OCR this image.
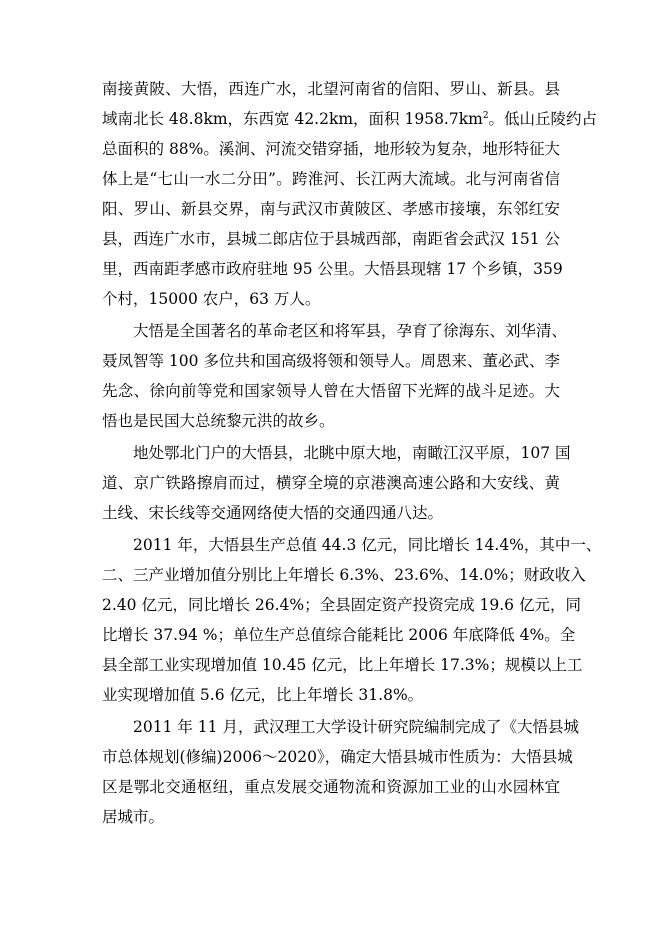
南接黄陂、大悟，西连广水，北望河南省的信阳、罗山、新县。县
域南北长 48.8km，东西宽 42.2km，面积 $1958.7km^2$。低山丘陵约占
总面积的 88%。溪涧、河流交错穿插，地形较为复杂，地形特征大
体上是“七山一水二分田”。跨淮河、长江两大流域。北与河南省信
阳、罗山、新县交界，南与武汉市黄陂区、孝感市接壤，东邻红安
县，西连广水市，县城二郎店位于县城西部，南距省会武汉 151 公
里，西南距孝感市政府驻地 95 公里。大悟县现辖 17 个乡镇，359
个村，15000 农户，63 万人。
大悟是全国著名的革命老区和将军县，孕育了徐海东、刘华清、
聂凤智等 100 多位共和国高级将领和领导人。周恩来、董必武、李
先念、徐向前等党和国家领导人曾在大悟留下光辉的战斗足迹。大
悟也是民国大总统黎元洪的故乡。
地处鄂北门户的大悟县，北眺中原大地，南瞰江汉平原，107 国
道、京广铁路擦肩而过，横穿全境的京港澳高速公路和大安线、黄
土线、宋长线等交通网络使大悟的交通四通八达。
2011 年，大悟县生产总值 44.3 亿元，同比增长 14.4%，其中一、
二、三产业增加值分别比上年增长 6.3%、23.6%、14.0%；财政收入
2.40 亿元，同比增长 26.4%；全县固定资产投资完成 19.6 亿元，同
比增长 37.94 %；单位生产总值综合能耗比 2006 年底降低 4%。全
县全部工业实现增加值 10.45 亿元，比上年增长 17.3%；规模以上工
业实现增加值 5.6 亿元，比上年增长 31.8%。
2011 年 11 月，武汉理工大学设计研究院编制完成了《大悟县城
市总体规划(修编)2006～2020》，确定大悟县城市性质为：大悟县城
区是鄂北交通枢纽，重点发展交通物流和资源加工业的山水园林宜
居城市。
